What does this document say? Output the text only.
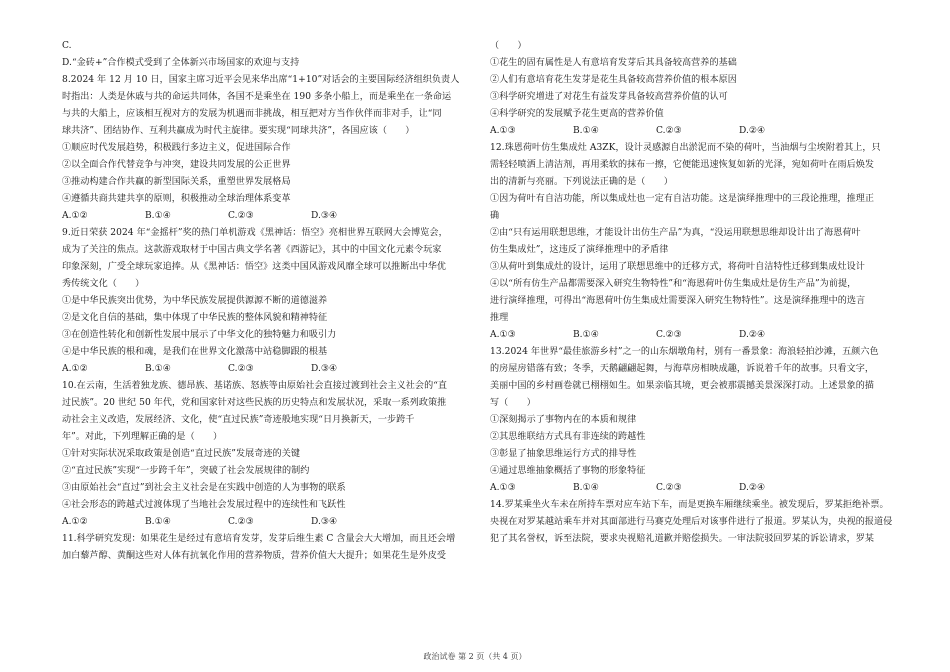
C.
D.“金砖+”合作模式受到了全体新兴市场国家的欢迎与支持
8.2024 年 12 月 10 日，国家主席习近平会见来华出席“1+10”对话会的主要国际经济组织负责人
时指出：人类是休戚与共的命运共同体，各国不是乘坐在 190 多条小船上，而是乘坐在一条命运
与共的大船上，应该相互视对方的发展为机遇而非挑战，相互把对方当作伙伴而非对手，让“同
球共济”、团结协作、互利共赢成为时代主旋律。要实现“同球共济”，各国应该（　　）
①顺应时代发展趋势，积极践行多边主义，促进国际合作
②以全面合作代替竞争与冲突，建设共同发展的公正世界
③推动构建合作共赢的新型国际关系，重塑世界发展格局
④遵循共商共建共享的原则，积极推动全球治理体系变革
A.①②	B.①④	C.②③	D.③④
9.近日荣获 2024 年“金摇杆”奖的热门单机游戏《黑神话：悟空》亮相世界互联网大会博览会，
成为了关注的焦点。这款游戏取材于中国古典文学名著《西游记》，其中的中国文化元素令玩家
印象深刻，广受全球玩家追捧。从《黑神话：悟空》这类中国风游戏风靡全球可以推断出中华优
秀传统文化（　　）
①是中华民族突出优势，为中华民族发展提供源源不断的道德滋养
②是文化自信的基础，集中体现了中华民族的整体风貌和精神特征
③在创造性转化和创新性发展中展示了中华文化的独特魅力和吸引力
④是中华民族的根和魂，是我们在世界文化激荡中站稳脚跟的根基
A.①②	B.①④	C.②③	D.③④
10.在云南，生活着独龙族、德昂族、基诺族、怒族等由原始社会直接过渡到社会主义社会的“直
过民族”。20 世纪 50 年代，党和国家针对这些民族的历史特点和发展状况，采取一系列政策推
动社会主义改造，发展经济、文化，使“直过民族”奇迹般地实现“日月换新天，一步跨千
年”。对此，下列理解正确的是（　　）
①针对实际状况采取政策是创造“直过民族”发展奇迹的关键
②“直过民族”实现“一步跨千年”，突破了社会发展规律的制约
③由原始社会“直过”到社会主义社会是在实践中创造的人为事物的联系
④社会形态的跨越式过渡体现了当地社会发展过程中的连续性和飞跃性
A.①②	B.①④	C.②③	D.③④
11.科学研究发现：如果花生是经过有意培育发芽，发芽后维生素 C 含量会大大增加，而且还会增
加白藜芦醇、黄酮这些对人体有抗氧化作用的营养物质，营养价值大大提升；如果花生是外皮受
（　　）
①花生的固有属性是人有意培育发芽后其具备较高营养的基础
②人们有意培育花生发芽是花生具备较高营养价值的根本原因
③科学研究增进了对花生有益发芽具备较高营养价值的认可
④科学研究的发展赋予花生更高的营养价值
A.①③	B.①④	C.②③	D.②④
12.珠恩荷叶仿生集成灶 A3ZK，设计灵感源自出淤泥而不染的荷叶，当油烟与尘埃附着其上，只
需轻轻喷洒上清洁剂，再用柔软的抹布一擦，它便能迅速恢复如新的光泽，宛如荷叶在雨后焕发
出的清新与亮丽。下列说法正确的是（　　）
①因为荷叶有自洁功能，所以集成灶也一定有自洁功能。这是演绎推理中的三段论推理，推理正
确
②由“只有运用联想思维，才能设计出仿生产品”为真，“没运用联想思维却设计出了海恩荷叶
仿生集成灶”，这违反了演绎推理中的矛盾律
③从荷叶到集成灶的设计，运用了联想思维中的迁移方式，将荷叶自洁特性迁移到集成灶设计
④以“所有仿生产品都需要深入研究生物特性”和“海恩荷叶仿生集成灶是仿生产品”为前提，
进行演绎推理，可得出“海恩荷叶仿生集成灶需要深入研究生物特性”。这是演绎推理中的选言
推理
A.①③	B.①④	C.②③	D.②④
13.2024 年世界“最佳旅游乡村”之一的山东烟墩角村，别有一番景象：海浪轻拍沙滩，五颜六色
的房屋房错落有致；冬季，天鹅翩翩起舞，与海草房相映成趣，诉说着千年的故事。只看文字，
美丽中国的乡村画卷就已栩栩如生。如果亲临其境，更会被那震撼美景深深打动。上述景象的描
写（　　）
①深刻揭示了事物内在的本质和规律
②其思维联结方式具有非连续的跨越性
③彰显了抽象思维运行方式的排导性
④通过思维抽象概括了事物的形象特征
A.①③	B.①④	C.②③	D.②④
14.罗某乘坐火车未在所持车票对应车站下车，而是更换车厢继续乘坐。被发现后，罗某拒绝补票。
央视在对罗某越站乘车并对其面部进行马赛克处理后对该事件进行了报道。罗某认为，央视的报道侵
犯了其名誉权，诉至法院，要求央视赔礼道歉并赔偿损失。一审法院驳回罗某的诉讼请求，罗某
政治试卷 第 2 页（共 4 页）
